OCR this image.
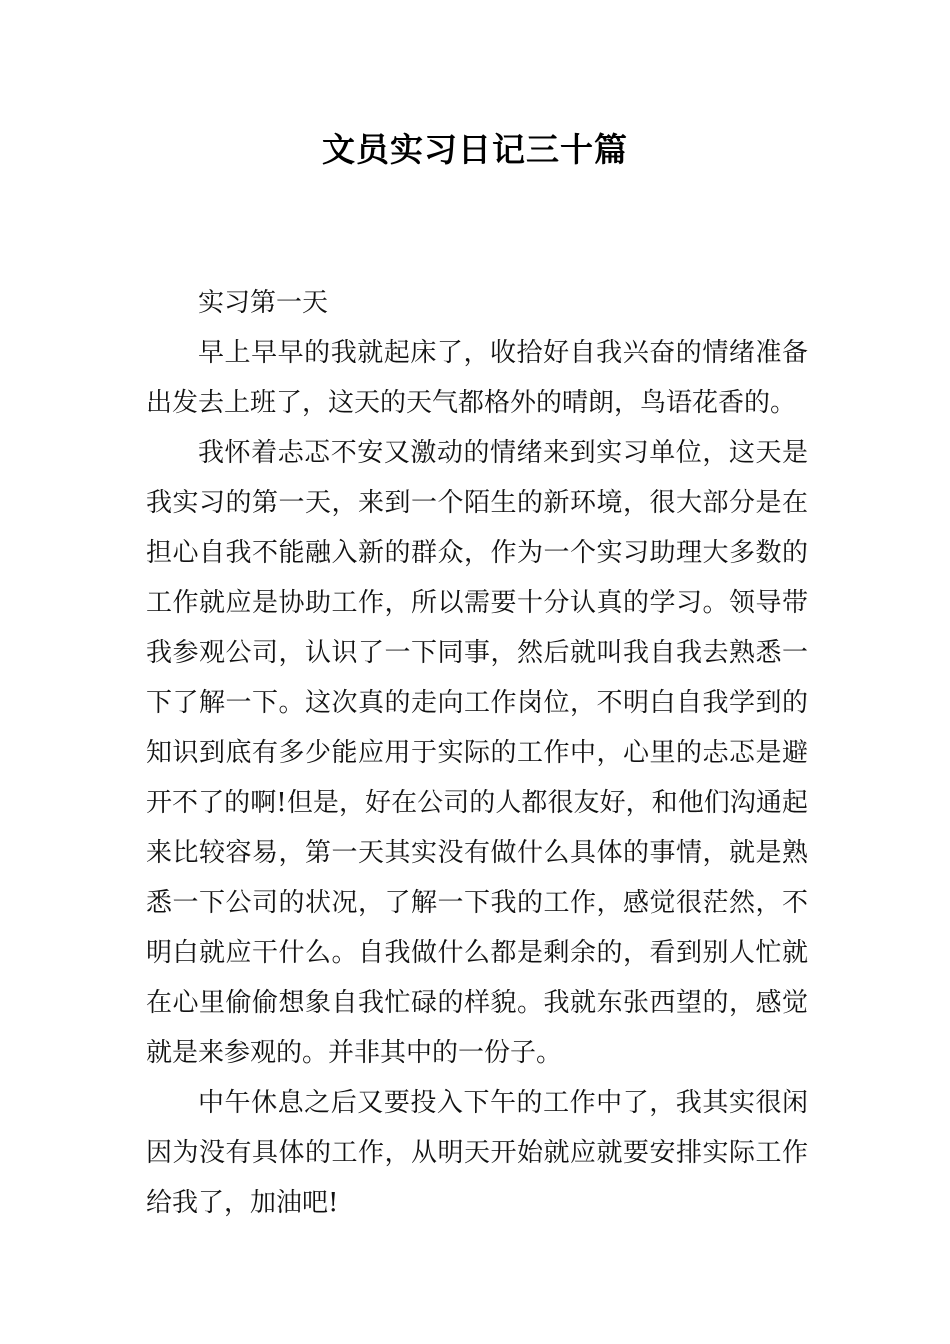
文员实习日记三十篇

实习第一天

早上早早的我就起床了，收拾好自我兴奋的情绪准备出发去上班了，这天的天气都格外的晴朗，鸟语花香的。

我怀着忐忑不安又激动的情绪来到实习单位，这天是我实习的第一天，来到一个陌生的新环境，很大部分是在担心自我不能融入新的群众，作为一个实习助理大多数的工作就应是协助工作，所以需要十分认真的学习。领导带我参观公司，认识了一下同事，然后就叫我自我去熟悉一下了解一下。这次真的走向工作岗位，不明白自我学到的知识到底有多少能应用于实际的工作中，心里的忐忑是避开不了的啊!但是，好在公司的人都很友好，和他们沟通起来比较容易，第一天其实没有做什么具体的事情，就是熟悉一下公司的状况，了解一下我的工作，感觉很茫然，不明白就应干什么。自我做什么都是剩余的，看到别人忙就在心里偷偷想象自我忙碌的样貌。我就东张西望的，感觉就是来参观的。并非其中的一份子。

中午休息之后又要投入下午的工作中了，我其实很闲因为没有具体的工作，从明天开始就应就要安排实际工作给我了，加油吧!
